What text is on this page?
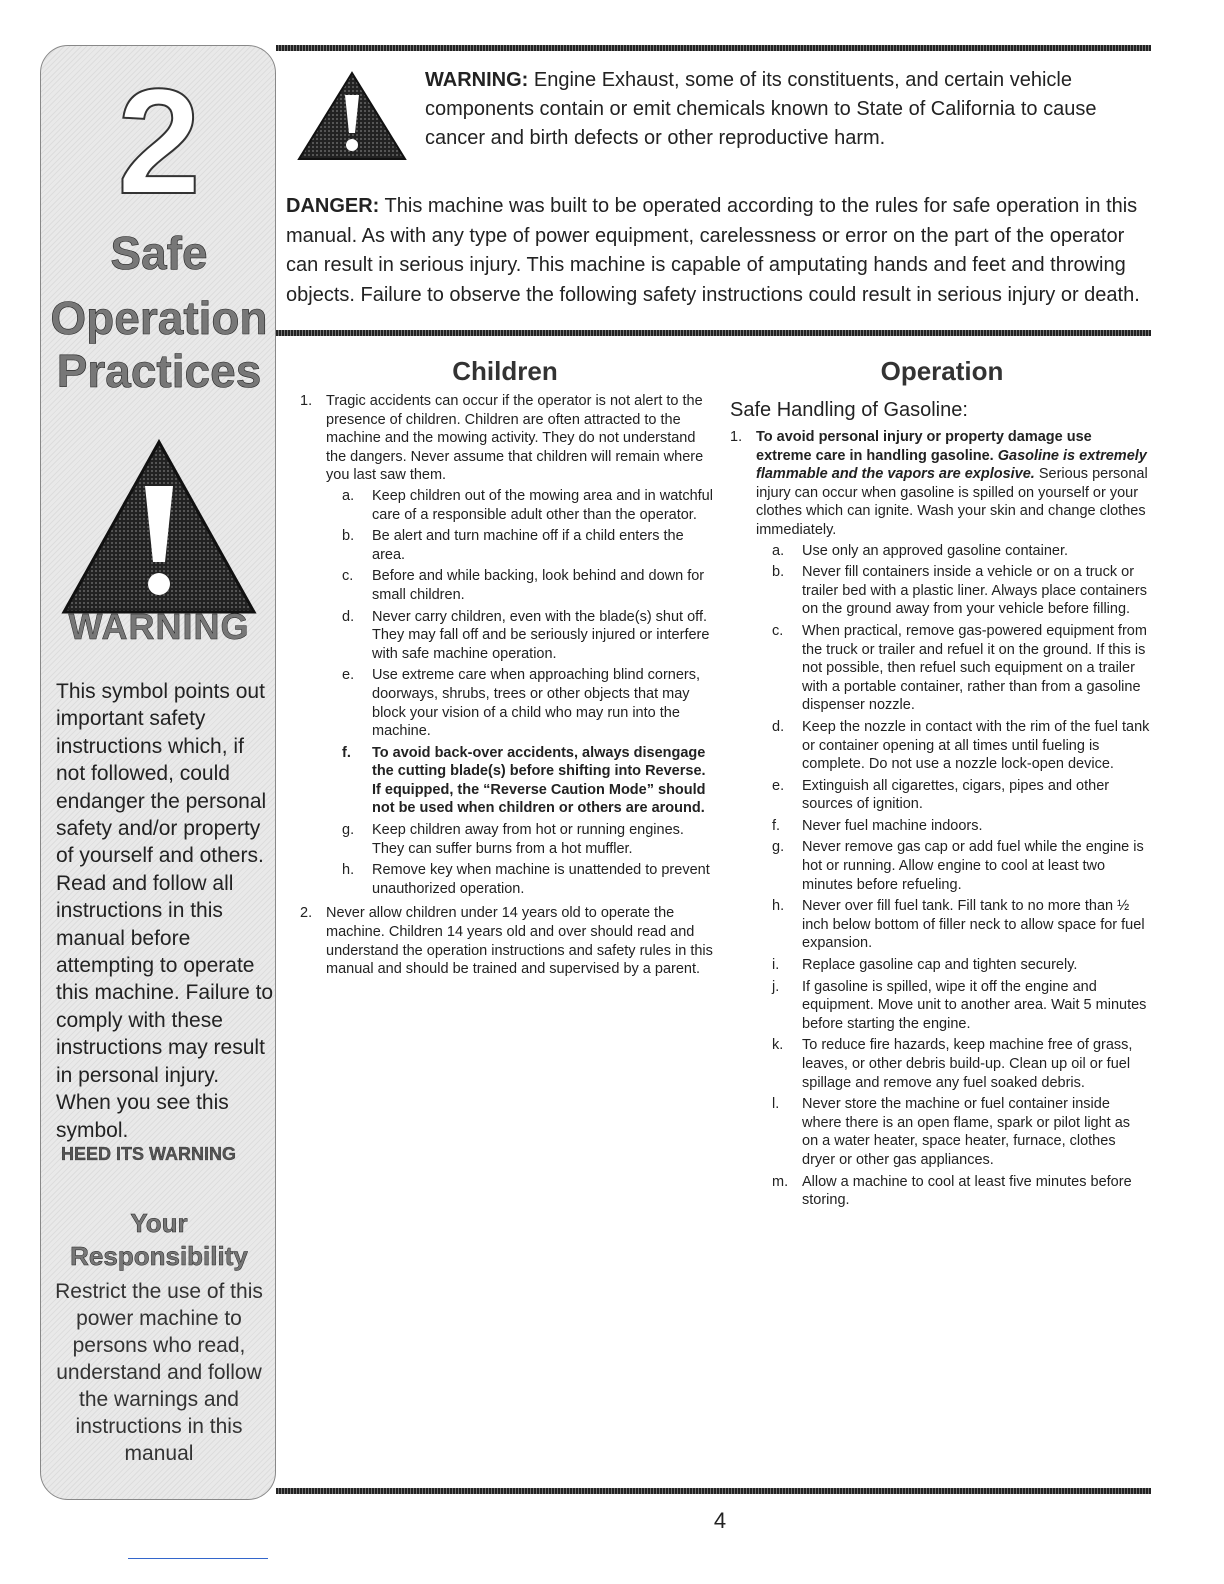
2
Safe
Operation
Practices
WARNING
This symbol points out important safety instructions which, if not followed, could endanger the personal safety and/or property of yourself and others. Read and follow all instructions in this manual before attempting to operate this machine. Failure to comply with these instructions may result in personal injury. When you see this symbol.
HEED ITS WARNING
Your
Responsibility
Restrict the use of this power machine to persons who read, understand and follow the warnings and instructions in this manual
WARNING: Engine Exhaust, some of its constituents, and certain vehicle components contain or emit chemicals known to State of California to cause cancer and birth defects or other reproductive harm.
DANGER: This machine was built to be operated according to the rules for safe operation in this manual. As with any type of power equipment, carelessness or error on the part of the operator can result in serious injury. This machine is capable of amputating hands and feet and throwing objects. Failure to observe the following safety instructions could result in serious injury or death.
Children
1. Tragic accidents can occur if the operator is not alert to the presence of children. Children are often attracted to the machine and the mowing activity. They do not understand the dangers. Never assume that children will remain where you last saw them.
a.	Keep children out of the mowing area and in watchful care of a responsible adult other than the operator.
b.	Be alert and turn machine off if a child enters the area.
c.	Before and while backing, look behind and down for small children.
d.	Never carry children, even with the blade(s) shut off. They may fall off and be seriously injured or interfere with safe machine operation.
e.	Use extreme care when approaching blind corners, doorways, shrubs, trees or other objects that may block your vision of a child who may run into the machine.
f.	To avoid back-over accidents, always disengage the cutting blade(s) before shifting into Reverse. If equipped, the “Reverse Caution Mode” should not be used when children or others are around.
g.	Keep children away from hot or running engines. They can suffer burns from a hot muffler.
h.	Remove key when machine is unattended to prevent unauthorized operation.
2. Never allow children under 14 years old to operate the machine. Children 14 years old and over should read and understand the operation instructions and safety rules in this manual and should be trained and supervised by a parent.
Operation
Safe Handling of Gasoline:
1. To avoid personal injury or property damage use extreme care in handling gasoline. Gasoline is extremely flammable and the vapors are explosive. Serious personal injury can occur when gasoline is spilled on yourself or your clothes which can ignite. Wash your skin and change clothes immediately.
a.	Use only an approved gasoline container.
b.	Never fill containers inside a vehicle or on a truck or trailer bed with a plastic liner. Always place containers on the ground away from your vehicle before filling.
c.	When practical, remove gas-powered equipment from the truck or trailer and refuel it on the ground. If this is not possible, then refuel such equipment on a trailer with a portable container, rather than from a gasoline dispenser nozzle.
d.	Keep the nozzle in contact with the rim of the fuel tank or container opening at all times until fueling is complete. Do not use a nozzle lock-open device.
e.	Extinguish all cigarettes, cigars, pipes and other sources of ignition.
f.	Never fuel machine indoors.
g.	Never remove gas cap or add fuel while the engine is hot or running. Allow engine to cool at least two minutes before refueling.
h.	Never over fill fuel tank. Fill tank to no more than ½ inch below bottom of filler neck to allow space for fuel expansion.
i.	Replace gasoline cap and tighten securely.
j.	If gasoline is spilled, wipe it off the engine and equipment. Move unit to another area. Wait 5 minutes before starting the engine.
k.	To reduce fire hazards, keep machine free of grass, leaves, or other debris build-up. Clean up oil or fuel spillage and remove any fuel soaked debris.
l.	Never store the machine or fuel container inside where there is an open flame, spark or pilot light as on a water heater, space heater, furnace, clothes dryer or other gas appliances.
m. Allow a machine to cool at least five minutes before storing.
4
